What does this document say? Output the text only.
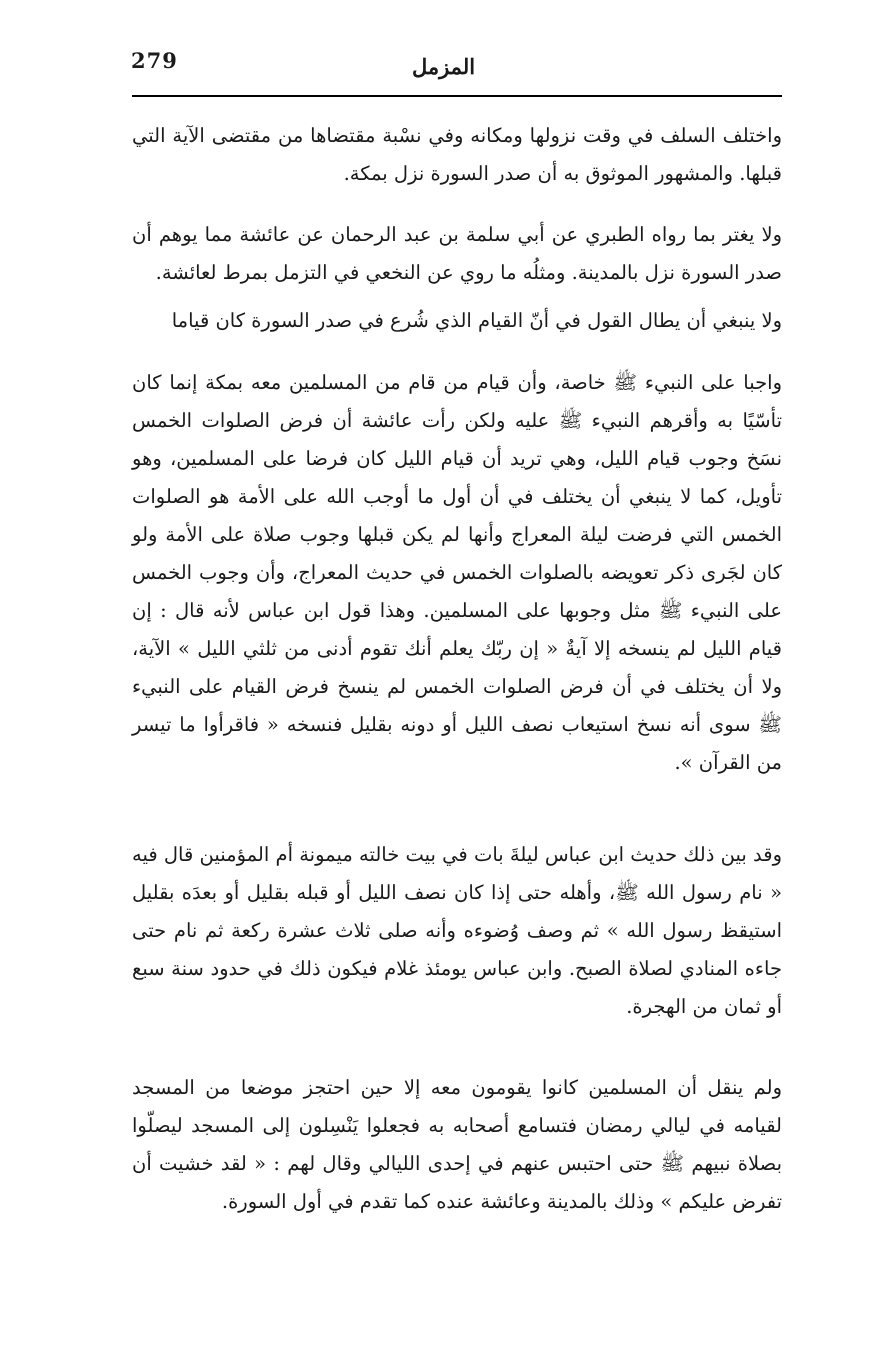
279	المزمل

واختلف السلف في وقت نزولها ومكانه وفي نسْبة مقتضاها من مقتضى الآية التي قبلها. والمشهور الموثوق به أن صدر السورة نزل بمكة.

ولا يغتر بما رواه الطبري عن أبي سلمة بن عبد الرحمان عن عائشة مما يوهم أن صدر السورة نزل بالمدينة. ومثلُه ما روي عن النخعي في التزمل بمرط لعائشة.

ولا ينبغي أن يطال القول في أنّ القيام الذي شُرع في صدر السورة كان قياما

واجبا على النبيء ﷺ خاصة، وأن قيام من قام من المسلمين معه بمكة إنما كان تأسّيًا به وأقرهم النبيء ﷺ عليه ولكن رأت عائشة أن فرض الصلوات الخمس نسَخ وجوب قيام الليل، وهي تريد أن قيام الليل كان فرضا على المسلمين، وهو تأويل، كما لا ينبغي أن يختلف في أن أول ما أوجب الله على الأمة هو الصلوات الخمس التي فرضت ليلة المعراج وأنها لم يكن قبلها وجوب صلاة على الأمة ولو كان لجَرى ذكر تعويضه بالصلوات الخمس في حديث المعراج، وأن وجوب الخمس على النبيء ﷺ مثل وجوبها على المسلمين. وهذا قول ابن عباس لأنه قال : إن قيام الليل لم ينسخه إلا آيةٌ « إن ربّك يعلم أنك تقوم أدنى من ثلثي الليل » الآية، ولا أن يختلف في أن فرض الصلوات الخمس لم ينسخ فرض القيام على النبيء ﷺ سوى أنه نسخ استيعاب نصف الليل أو دونه بقليل فنسخه « فاقرأوا ما تيسر من القرآن ».

وقد بين ذلك حديث ابن عباس ليلةَ بات في بيت خالته ميمونة أم المؤمنين قال فيه « نام رسول الله ﷺ، وأهله حتى إذا كان نصف الليل أو قبله بقليل أو بعدَه بقليل استيقظ رسول الله » ثم وصف وُضوءه وأنه صلى ثلاث عشرة ركعة ثم نام حتى جاءه المنادي لصلاة الصبح. وابن عباس يومئذ غلام فيكون ذلك في حدود سنة سبع أو ثمان من الهجرة.

ولم ينقل أن المسلمين كانوا يقومون معه إلا حين احتجز موضعا من المسجد لقيامه في ليالي رمضان فتسامع أصحابه به فجعلوا يَنْسِلون إلى المسجد ليصلّوا بصلاة نبيهم ﷺ حتى احتبس عنهم في إحدى الليالي وقال لهم : « لقد خشيت أن تفرض عليكم » وذلك بالمدينة وعائشة عنده كما تقدم في أول السورة.
